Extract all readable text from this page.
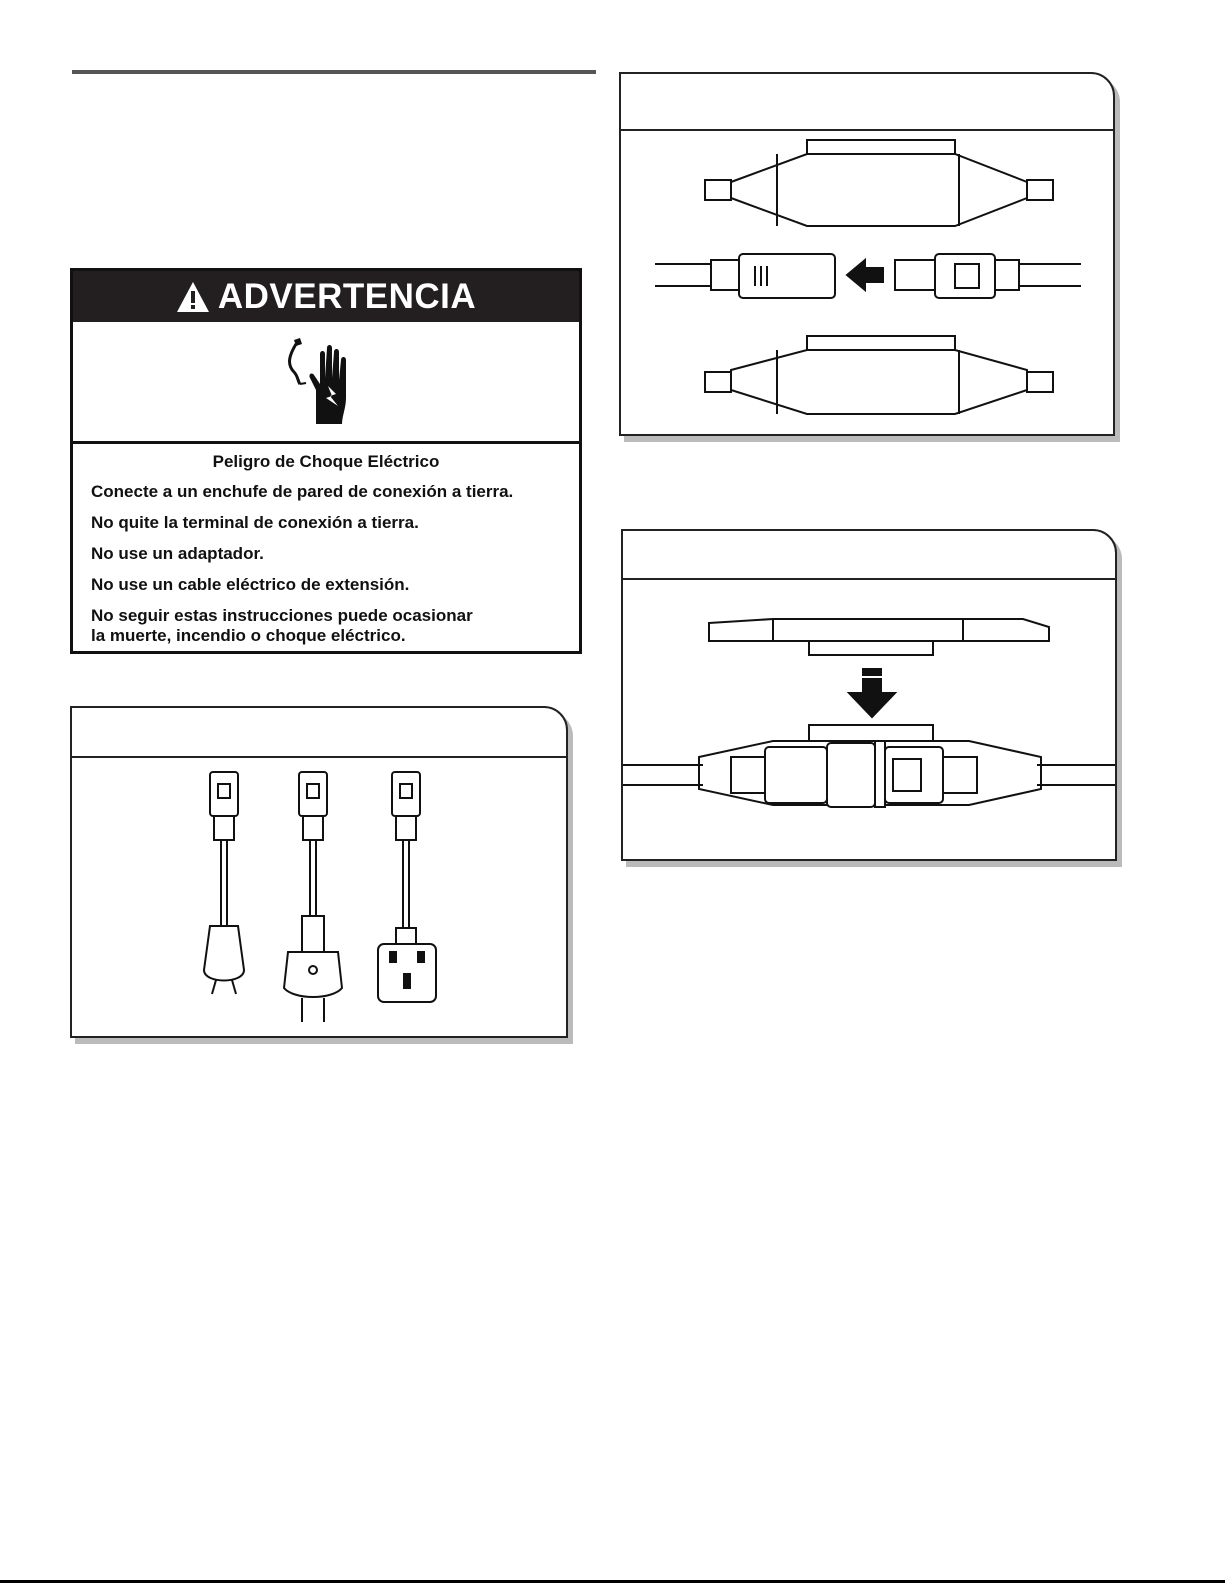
ADVERTENCIA

Peligro de Choque Eléctrico

Conecte a un enchufe de pared de conexión a tierra.

No quite la terminal de conexión a tierra.

No use un adaptador.

No use un cable eléctrico de extensión.

No seguir estas instrucciones puede ocasionar
la muerte, incendio o choque eléctrico.
